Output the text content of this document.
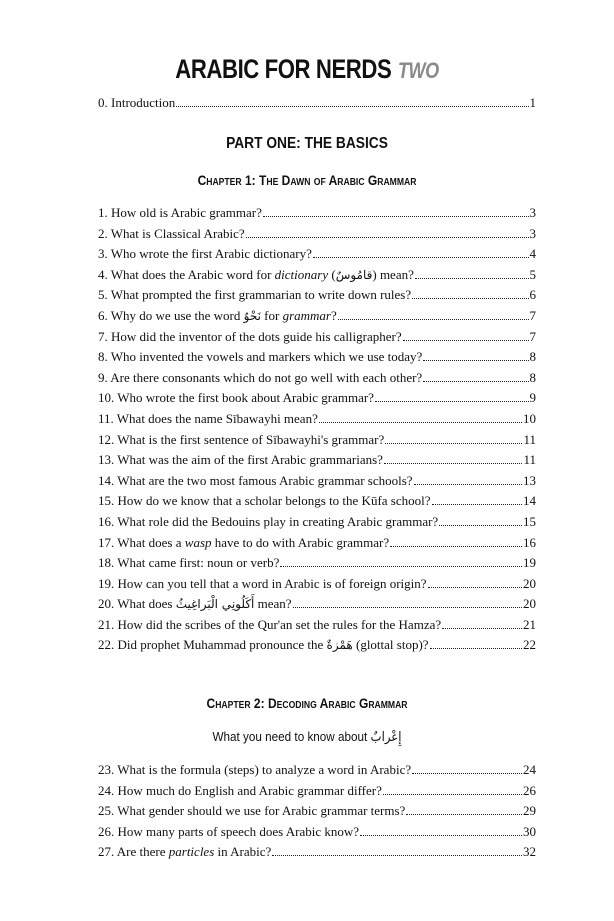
ARABIC FOR NERDS TWO
0. Introduction	1
PART ONE: THE BASICS
Chapter 1: The Dawn of Arabic Grammar
1. How old is Arabic grammar?	3
2. What is Classical Arabic?	3
3. Who wrote the first Arabic dictionary?	4
4. What does the Arabic word for dictionary (قامُوسٌ) mean?	5
5. What prompted the first grammarian to write down rules?	6
6. Why do we use the word نَحْوٌ for grammar?	7
7. How did the inventor of the dots guide his calligrapher?	7
8. Who invented the vowels and markers which we use today?	8
9. Are there consonants which do not go well with each other?	8
10. Who wrote the first book about Arabic grammar?	9
11. What does the name Sībawayhi mean?	10
12. What is the first sentence of Sībawayhi's grammar?	11
13. What was the aim of the first Arabic grammarians?	11
14. What are the two most famous Arabic grammar schools?	13
15. How do we know that a scholar belongs to the Kūfa school?	14
16. What role did the Bedouins play in creating Arabic grammar?	15
17. What does a wasp have to do with Arabic grammar?	16
18. What came first: noun or verb?	19
19. How can you tell that a word in Arabic is of foreign origin?	20
20. What does أَكَلُونِي الْبَراغِيثُ mean?	20
21. How did the scribes of the Qur'an set the rules for the Hamza?	21
22. Did prophet Muhammad pronounce the هَمْزةٌ (glottal stop)?	22
Chapter 2: Decoding Arabic Grammar
What you need to know about إِعْرابٌ
23. What is the formula (steps) to analyze a word in Arabic?	24
24. How much do English and Arabic grammar differ?	26
25. What gender should we use for Arabic grammar terms?	29
26. How many parts of speech does Arabic know?	30
27. Are there particles in Arabic?	32
